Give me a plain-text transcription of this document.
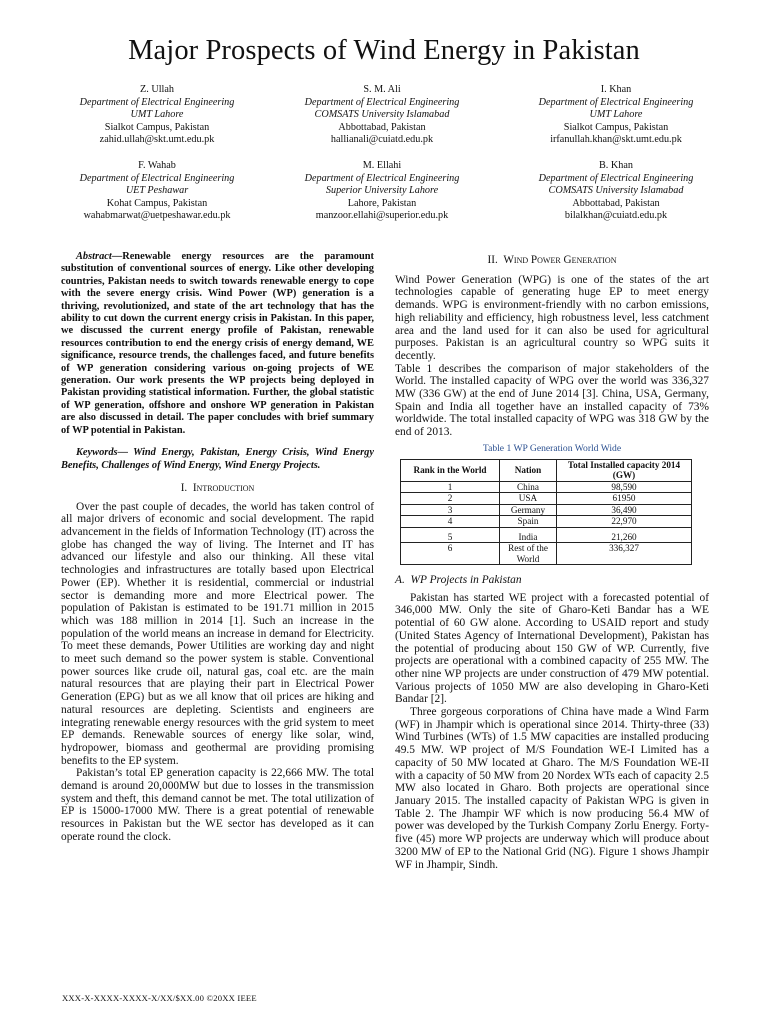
Major Prospects of Wind Energy in Pakistan
Z. Ullah
Department of Electrical Engineering
UMT Lahore
Sialkot Campus, Pakistan
zahid.ullah@skt.umt.edu.pk
S. M. Ali
Department of Electrical Engineering
COMSATS University Islamabad
Abbottabad, Pakistan
hallianali@cuiatd.edu.pk
I. Khan
Department of Electrical Engineering
UMT Lahore
Sialkot Campus, Pakistan
irfanullah.khan@skt.umt.edu.pk
F. Wahab
Department of Electrical Engineering
UET Peshawar
Kohat Campus, Pakistan
wahabmarwat@uetpeshawar.edu.pk
M. Ellahi
Department of Electrical Engineering
Superior University Lahore
Lahore, Pakistan
manzoor.ellahi@superior.edu.pk
B. Khan
Department of Electrical Engineering
COMSATS University Islamabad
Abbottabad, Pakistan
bilalkhan@cuiatd.edu.pk

Abstract—Renewable energy resources are the paramount substitution of conventional sources of energy. Like other developing countries, Pakistan needs to switch towards renewable energy to cope with the severe energy crisis. Wind Power (WP) generation is a thriving, revolutionized, and state of the art technology that has the ability to cut down the current energy crisis in Pakistan. In this paper, we discussed the current energy profile of Pakistan, renewable resources contribution to end the energy crisis of energy demand, WE significance, resource trends, the challenges faced, and future benefits of WP generation considering various on-going projects of WE generation. Our work presents the WP projects being deployed in Pakistan providing statistical information. Further, the global statistic of WP generation, offshore and onshore WP generation in Pakistan are also discussed in detail. The paper concludes with brief summary of WP potential in Pakistan.

Keywords— Wind Energy, Pakistan, Energy Crisis, Wind Energy Benefits, Challenges of Wind Energy, Wind Energy Projects.

I. Introduction

Over the past couple of decades, the world has taken control of all major drivers of economic and social development. The rapid advancement in the fields of Information Technology (IT) across the globe has changed the way of living. The Internet and IT has advanced our lifestyle and also our thinking. All these vital technologies and infrastructures are totally based upon Electrical Power (EP). Whether it is residential, commercial or industrial sector is demanding more and more Electrical power. The population of Pakistan is estimated to be 191.71 million in 2015 which was 188 million in 2014 [1]. Such an increase in the population of the world means an increase in demand for Electricity. To meet these demands, Power Utilities are working day and night to meet such demand so the power system is stable. Conventional power sources like crude oil, natural gas, coal etc. are the main natural resources that are playing their part in Electrical Power Generation (EPG) but as we all know that oil prices are hiking and natural resources are depleting. Scientists and engineers are integrating renewable energy resources with the grid system to meet EP demands. Renewable sources of energy like solar, wind, hydropower, biomass and geothermal are providing promising benefits to the EP system.

Pakistan’s total EP generation capacity is 22,666 MW. The total demand is around 20,000MW but due to losses in the transmission system and theft, this demand cannot be met. The total utilization of EP is 15000-17000 MW. There is a great potential of renewable resources in Pakistan but the WE sector has developed as it can operate round the clock.

II. Wind Power Generation

Wind Power Generation (WPG) is one of the states of the art technologies capable of generating huge EP to meet energy demands. WPG is environment-friendly with no carbon emissions, high reliability and efficiency, high robustness level, less catchment area and the land used for it can also be used for agricultural purposes. Pakistan is an agricultural country so WPG suits it decently.

Table 1 describes the comparison of major stakeholders of the World. The installed capacity of WPG over the world was 336,327 MW (336 GW) at the end of June 2014 [3]. China, USA, Germany, Spain and India all together have an installed capacity of 73% worldwide. The total installed capacity of WPG was 318 GW by the end of 2013.

Table 1 WP Generation World Wide
Rank in the World	Nation	Total Installed capacity 2014 (GW)
1	China	98,590
2	USA	61950
3	Germany	36,490
4	Spain	22,970
5	India	21,260
6	Rest of the World	336,327
A. WP Projects in Pakistan

Pakistan has started WE project with a forecasted potential of 346,000 MW. Only the site of Gharo-Keti Bandar has a WE potential of 60 GW alone. According to USAID report and study (United States Agency of International Development), Pakistan has the potential of producing about 150 GW of WP. Currently, five projects are operational with a combined capacity of 255 MW. The other nine WP projects are under construction of 479 MW potential. Various projects of 1050 MW are also developing in Gharo-Keti Bandar [2].

Three gorgeous corporations of China have made a Wind Farm (WF) in Jhampir which is operational since 2014. Thirty-three (33) Wind Turbines (WTs) of 1.5 MW capacities are installed producing 49.5 MW. WP project of M/S Foundation WE-I Limited has a capacity of 50 MW located at Gharo. The M/S Foundation WE-II with a capacity of 50 MW from 20 Nordex WTs each of capacity 2.5 MW also located in Gharo. Both projects are operational since January 2015. The installed capacity of Pakistan WPG is given in Table 2. The Jhampir WF which is now producing 56.4 MW of power was developed by the Turkish Company Zorlu Energy. Forty-five (45) more WP projects are underway which will produce about 3200 MW of EP to the National Grid (NG). Figure 1 shows Jhampir WF in Jhampir, Sindh.

XXX-X-XXXX-XXXX-X/XX/$XX.00 ©20XX IEEE
